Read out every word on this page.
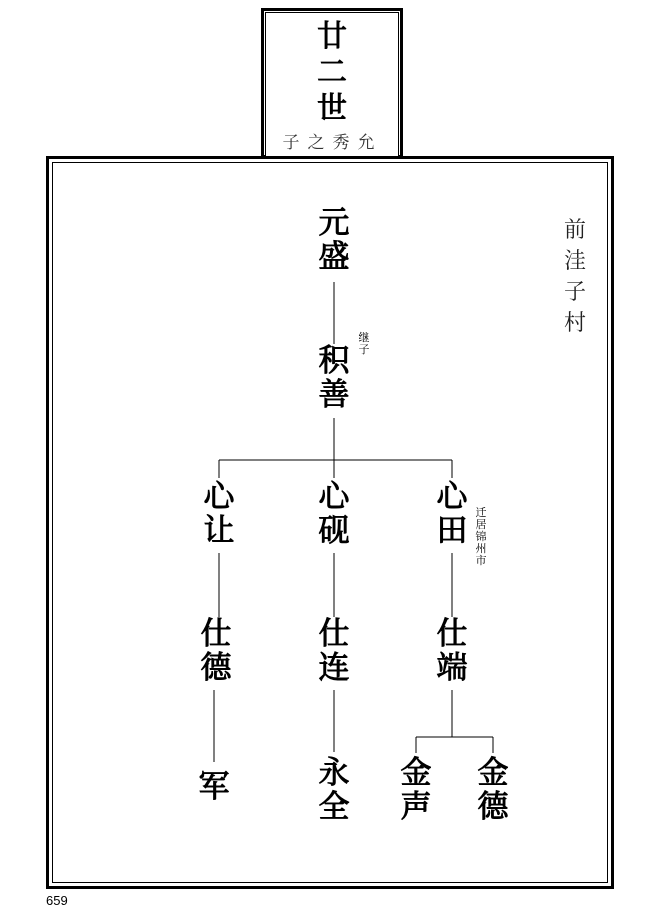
廿
二
世
子之秀允
元
盛
积
善
继
子
心
让
心
砚
心
田
迁
居
锦
州
市
仕
德
仕
连
仕
端
军	永
全
金
声
金
德
前
洼
子
村
659
